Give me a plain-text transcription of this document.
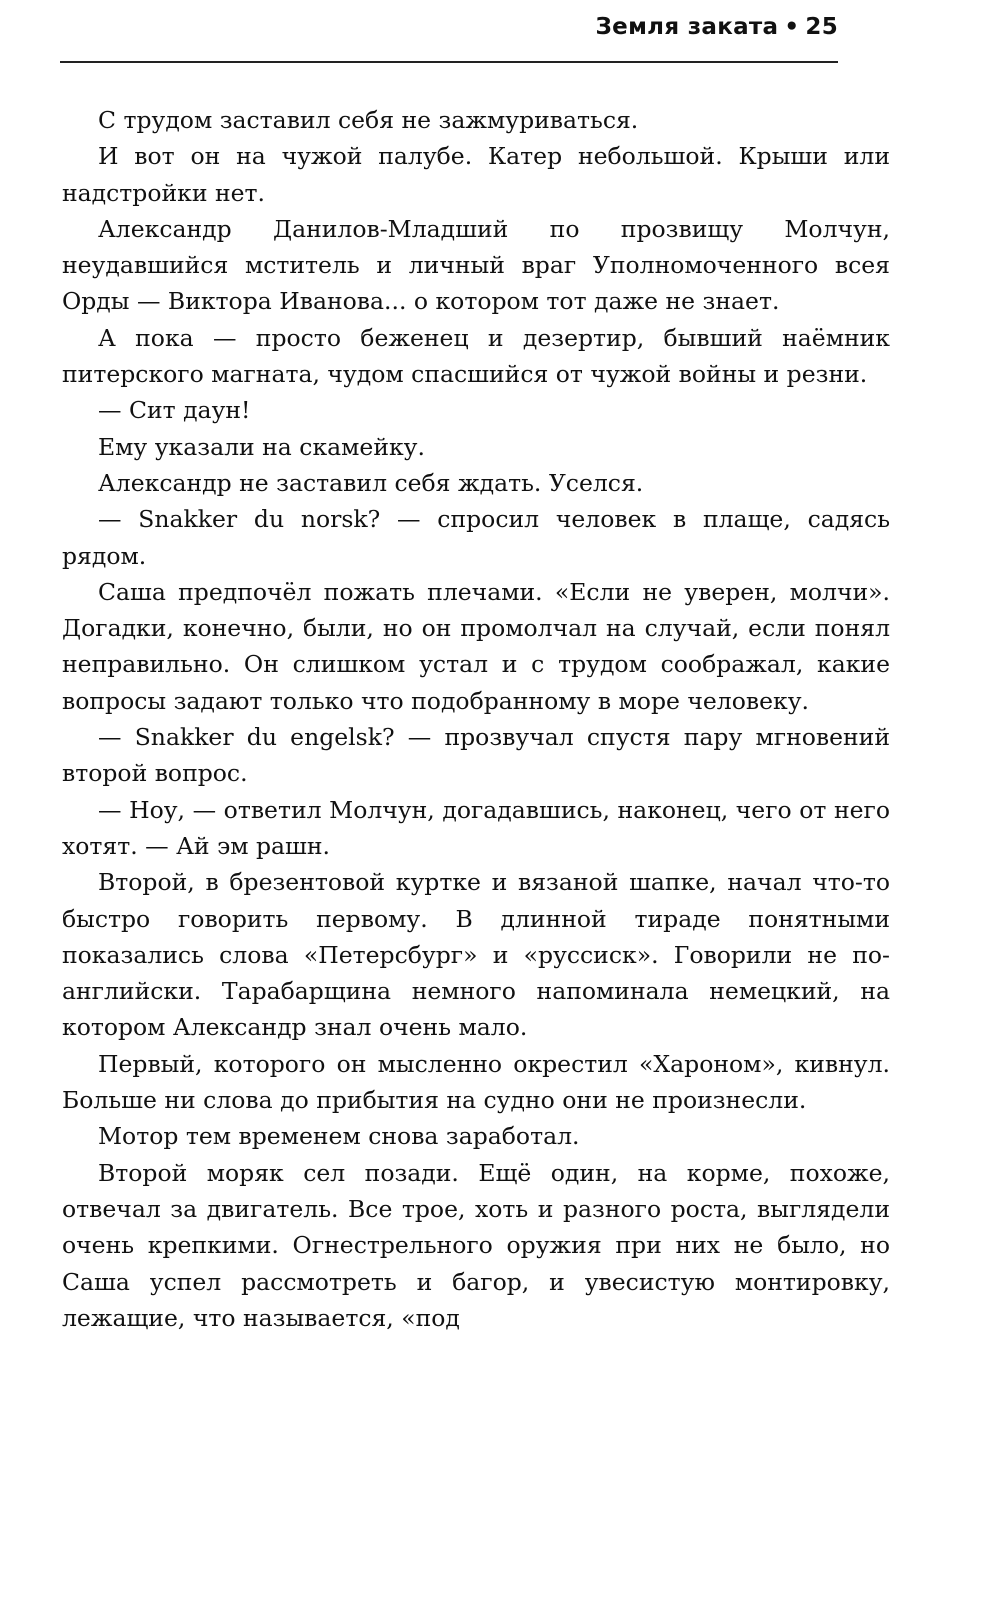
Земля заката • 25

С трудом заставил себя не зажмуриваться.

И вот он на чужой палубе. Катер небольшой. Крыши или надстройки нет.

Александр Данилов-Младший по прозвищу Молчун, неудавшийся мститель и личный враг Уполномоченного всея Орды — Виктора Иванова... о котором тот даже не знает.

А пока — просто беженец и дезертир, бывший наёмник питерского магната, чудом спасшийся от чужой войны и резни.

— Сит даун!

Ему указали на скамейку.

Александр не заставил себя ждать. Уселся.

— Snakker du norsk? — спросил человек в плаще, садясь рядом.

Саша предпочёл пожать плечами. «Если не уверен, молчи». Догадки, конечно, были, но он промолчал на случай, если понял неправильно. Он слишком устал и с трудом соображал, какие вопросы задают только что подобранному в море человеку.

— Snakker du engelsk? — прозвучал спустя пару мгновений второй вопрос.

— Ноу, — ответил Молчун, догадавшись, наконец, чего от него хотят. — Ай эм рашн.

Второй, в брезентовой куртке и вязаной шапке, начал что-то быстро говорить первому. В длинной тираде понятными показались слова «Петерсбург» и «руссиск». Говорили не по-английски. Тарабарщина немного напоминала немецкий, на котором Александр знал очень мало.

Первый, которого он мысленно окрестил «Хароном», кивнул. Больше ни слова до прибытия на судно они не произнесли.

Мотор тем временем снова заработал.

Второй моряк сел позади. Ещё один, на корме, похоже, отвечал за двигатель. Все трое, хоть и разного роста, выглядели очень крепкими. Огнестрельного оружия при них не было, но Саша успел рассмотреть и багор, и увесистую монтировку, лежащие, что называется, «под
